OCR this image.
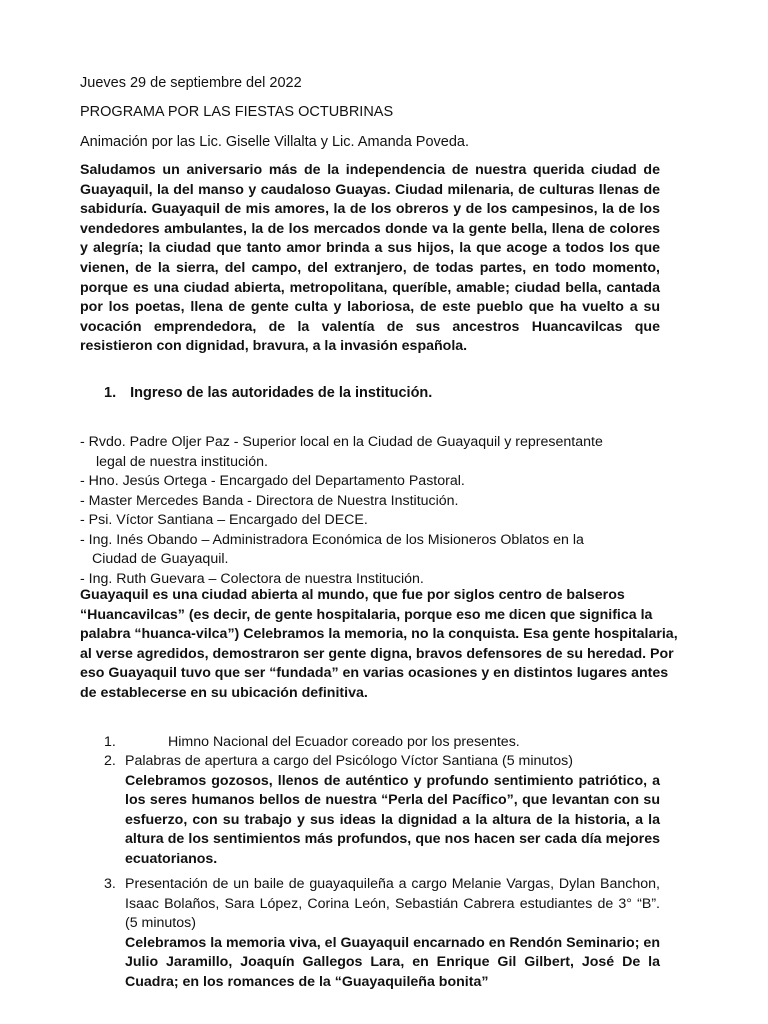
Jueves 29 de septiembre del 2022
PROGRAMA POR LAS FIESTAS OCTUBRINAS
Animación por las Lic. Giselle Villalta y Lic. Amanda Poveda.
Saludamos un aniversario más de la independencia de nuestra querida ciudad de Guayaquil, la del manso y caudaloso Guayas. Ciudad milenaria, de culturas llenas de sabiduría. Guayaquil de mis amores, la de los obreros y de los campesinos, la de los vendedores ambulantes, la de los mercados donde va la gente bella, llena de colores y alegría; la ciudad que tanto amor brinda a sus hijos, la que acoge a todos los que vienen, de la sierra, del campo, del extranjero, de todas partes, en todo momento, porque es una ciudad abierta, metropolitana, queríble, amable; ciudad bella, cantada por los poetas, llena de gente culta y laboriosa, de este pueblo que ha vuelto a su vocación emprendedora, de la valentía de sus ancestros Huancavilcas que resistieron con dignidad, bravura, a la invasión española.
1. Ingreso de las autoridades de la institución.
- Rvdo. Padre Oljer Paz - Superior local en la Ciudad de Guayaquil y representante
legal de nuestra institución.
- Hno. Jesús Ortega - Encargado del Departamento Pastoral.
- Master Mercedes Banda - Directora de Nuestra Institución.
- Psi. Víctor Santiana – Encargado del DECE.
- Ing. Inés Obando – Administradora Económica de los Misioneros Oblatos en la
Ciudad de Guayaquil.
- Ing. Ruth Guevara – Colectora de nuestra Institución.
Guayaquil es una ciudad abierta al mundo, que fue por siglos centro de balseros “Huancavilcas” (es decir, de gente hospitalaria, porque eso me dicen que significa la palabra “huanca-vilca”) Celebramos la memoria, no la conquista. Esa gente hospitalaria, al verse agredidos, demostraron ser gente digna, bravos defensores de su heredad. Por eso Guayaquil tuvo que ser “fundada” en varias ocasiones y en distintos lugares antes de establecerse en su ubicación definitiva.
1.	Himno Nacional del Ecuador coreado por los presentes.
2. Palabras de apertura a cargo del Psicólogo Víctor Santiana (5 minutos)
Celebramos gozosos, llenos de auténtico y profundo sentimiento patriótico, a los seres humanos bellos de nuestra “Perla del Pacífico”, que levantan con su esfuerzo, con su trabajo y sus ideas la dignidad a la altura de la historia, a la altura de los sentimientos más profundos, que nos hacen ser cada día mejores ecuatorianos.
3. Presentación de un baile de guayaquileña a cargo Melanie Vargas, Dylan Banchon, Isaac Bolaños, Sara López, Corina León, Sebastián Cabrera estudiantes de 3° “B”. (5 minutos)
Celebramos la memoria viva, el Guayaquil encarnado en Rendón Seminario; en Julio Jaramillo, Joaquín Gallegos Lara, en Enrique Gil Gilbert, José De la Cuadra; en los romances de la “Guayaquileña bonita”
